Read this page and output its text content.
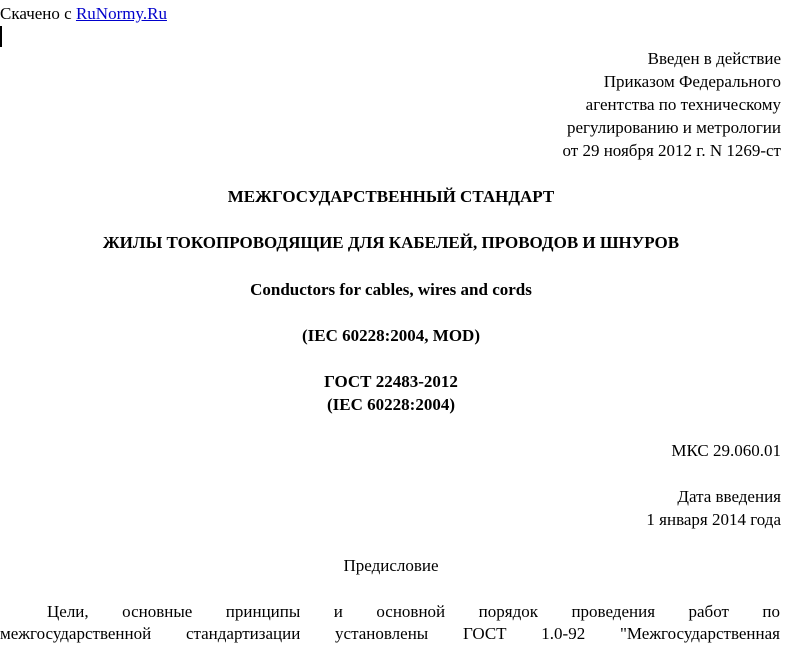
Скачено с RuNormy.Ru
Введен в действие
Приказом Федерального
агентства по техническому
регулированию и метрологии
от 29 ноября 2012 г. N 1269-ст
МЕЖГОСУДАРСТВЕННЫЙ СТАНДАРТ
ЖИЛЫ ТОКОПРОВОДЯЩИЕ ДЛЯ КАБЕЛЕЙ, ПРОВОДОВ И ШНУРОВ
Conductors for cables, wires and cords
(IEC 60228:2004, MOD)
ГОСТ 22483-2012
(IEC 60228:2004)
МКС 29.060.01
Дата введения
1 января 2014 года
Предисловие
Цели, основные принципы и основной порядок проведения работ по
межгосударственной стандартизации установлены ГОСТ 1.0-92 "Межгосударственная
